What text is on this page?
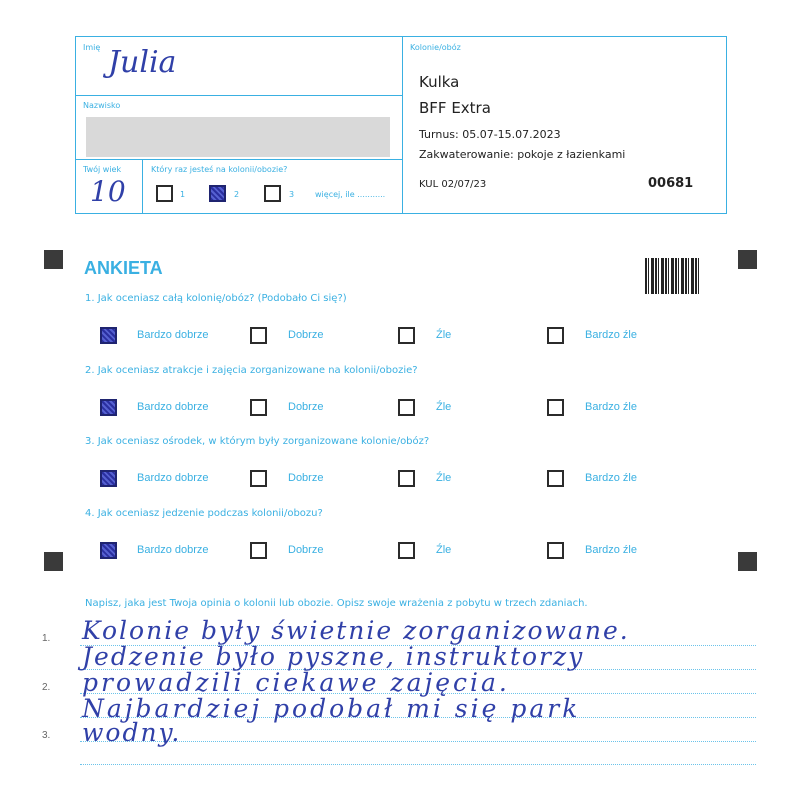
Imię Julia
Nazwisko
Twój wiek
10
Który raz jesteś na kolonii/obozie?
1	2	3	więcej, ile ...........
Kolonie/obóz
Kulka
BFF Extra
Turnus: 05.07-15.07.2023
Zakwaterowanie: pokoje z łazienkami
KUL 02/07/23	00681
ANKIETA
1. Jak oceniasz całą kolonię/obóz? (Podobało Ci się?)
Bardzo dobrze	Dobrze	Źle	Bardzo źle
2. Jak oceniasz atrakcje i zajęcia zorganizowane na kolonii/obozie?
Bardzo dobrze	Dobrze	Źle	Bardzo źle
3. Jak oceniasz ośrodek, w którym były zorganizowane kolonie/obóz?
Bardzo dobrze	Dobrze	Źle	Bardzo źle
4. Jak oceniasz jedzenie podczas kolonii/obozu?
Bardzo dobrze	Dobrze	Źle	Bardzo źle
Napisz, jaka jest Twoja opinia o kolonii lub obozie. Opisz swoje wrażenia z pobytu w trzech zdaniach.
1.
2.
3.
Kolonie były świetnie zorganizowane.
Jedzenie było pyszne, instruktorzy
prowadzili ciekawe zajęcia.
Najbardziej podobał mi się park
wodny.
